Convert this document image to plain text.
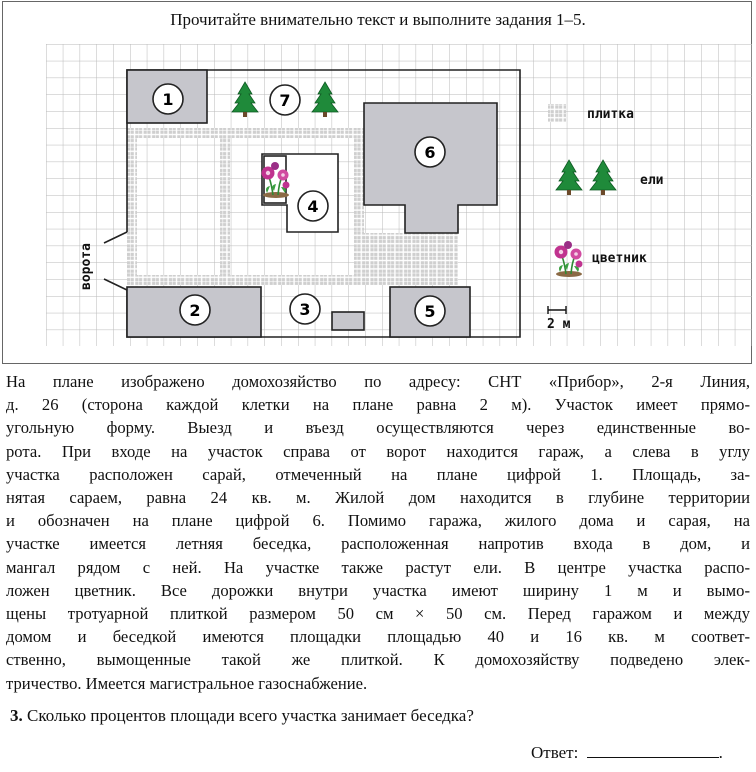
Прочитайте внимательно текст и выполните задания 1–5.
1
2	3
4
5
6
7
плитка
ели
цветник
2 м
ворота
На плане изображено домохозяйство по адресу: СНТ «Прибор», 2-я Линия,
д. 26 (сторона каждой клетки на плане равна 2 м). Участок имеет прямо-
угольную форму. Выезд и въезд осуществляются через единственные во-
рота. При входе на участок справа от ворот находится гараж, а слева в углу
участка расположен сарай, отмеченный на плане цифрой 1. Площадь, за-
нятая сараем, равна 24 кв. м. Жилой дом находится в глубине территории
и обозначен на плане цифрой 6. Помимо гаража, жилого дома и сарая, на
участке имеется летняя беседка, расположенная напротив входа в дом, и
мангал рядом с ней. На участке также растут ели. В центре участка распо-
ложен цветник. Все дорожки внутри участка имеют ширину 1 м и вымо-
щены тротуарной плиткой размером 50 см × 50 см. Перед гаражом и между
домом и беседкой имеются площадки площадью 40 и 16 кв. м соответ-
ственно, вымощенные такой же плиткой. К домохозяйству подведено элек-
тричество. Имеется магистральное газоснабжение.
3. Сколько процентов площади всего участка занимает беседка?
Ответ:	.
